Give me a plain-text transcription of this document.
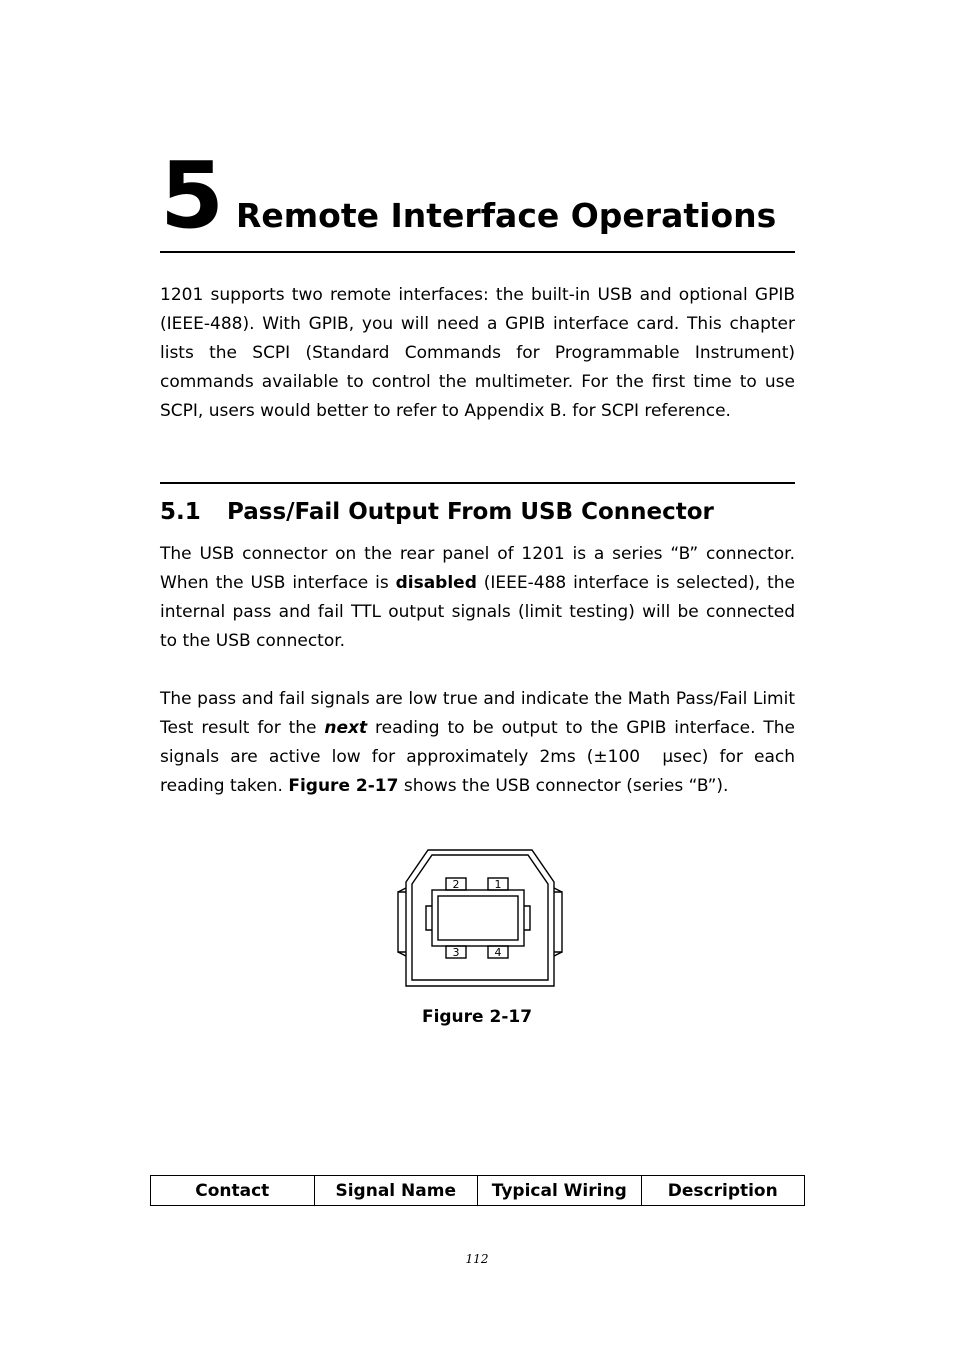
5 Remote Interface Operations

1201 supports two remote interfaces: the built-in USB and optional GPIB (IEEE-488). With GPIB, you will need a GPIB interface card. This chapter lists the SCPI (Standard Commands for Programmable Instrument) commands available to control the multimeter. For the first time to use SCPI, users would better to refer to Appendix B. for SCPI reference.

5.1 Pass/Fail Output From USB Connector

The USB connector on the rear panel of 1201 is a series “B” connector. When the USB interface is disabled (IEEE-488 interface is selected), the internal pass and fail TTL output signals (limit testing) will be connected to the USB connector.

The pass and fail signals are low true and indicate the Math Pass/Fail Limit Test result for the next reading to be output to the GPIB interface. The signals are active low for approximately 2ms (±100  μsec) for each reading taken. Figure 2-17 shows the USB connector (series “B”).

2	1
3	4
Figure 2-17
Contact	Signal Name	Typical Wiring	Description
112
